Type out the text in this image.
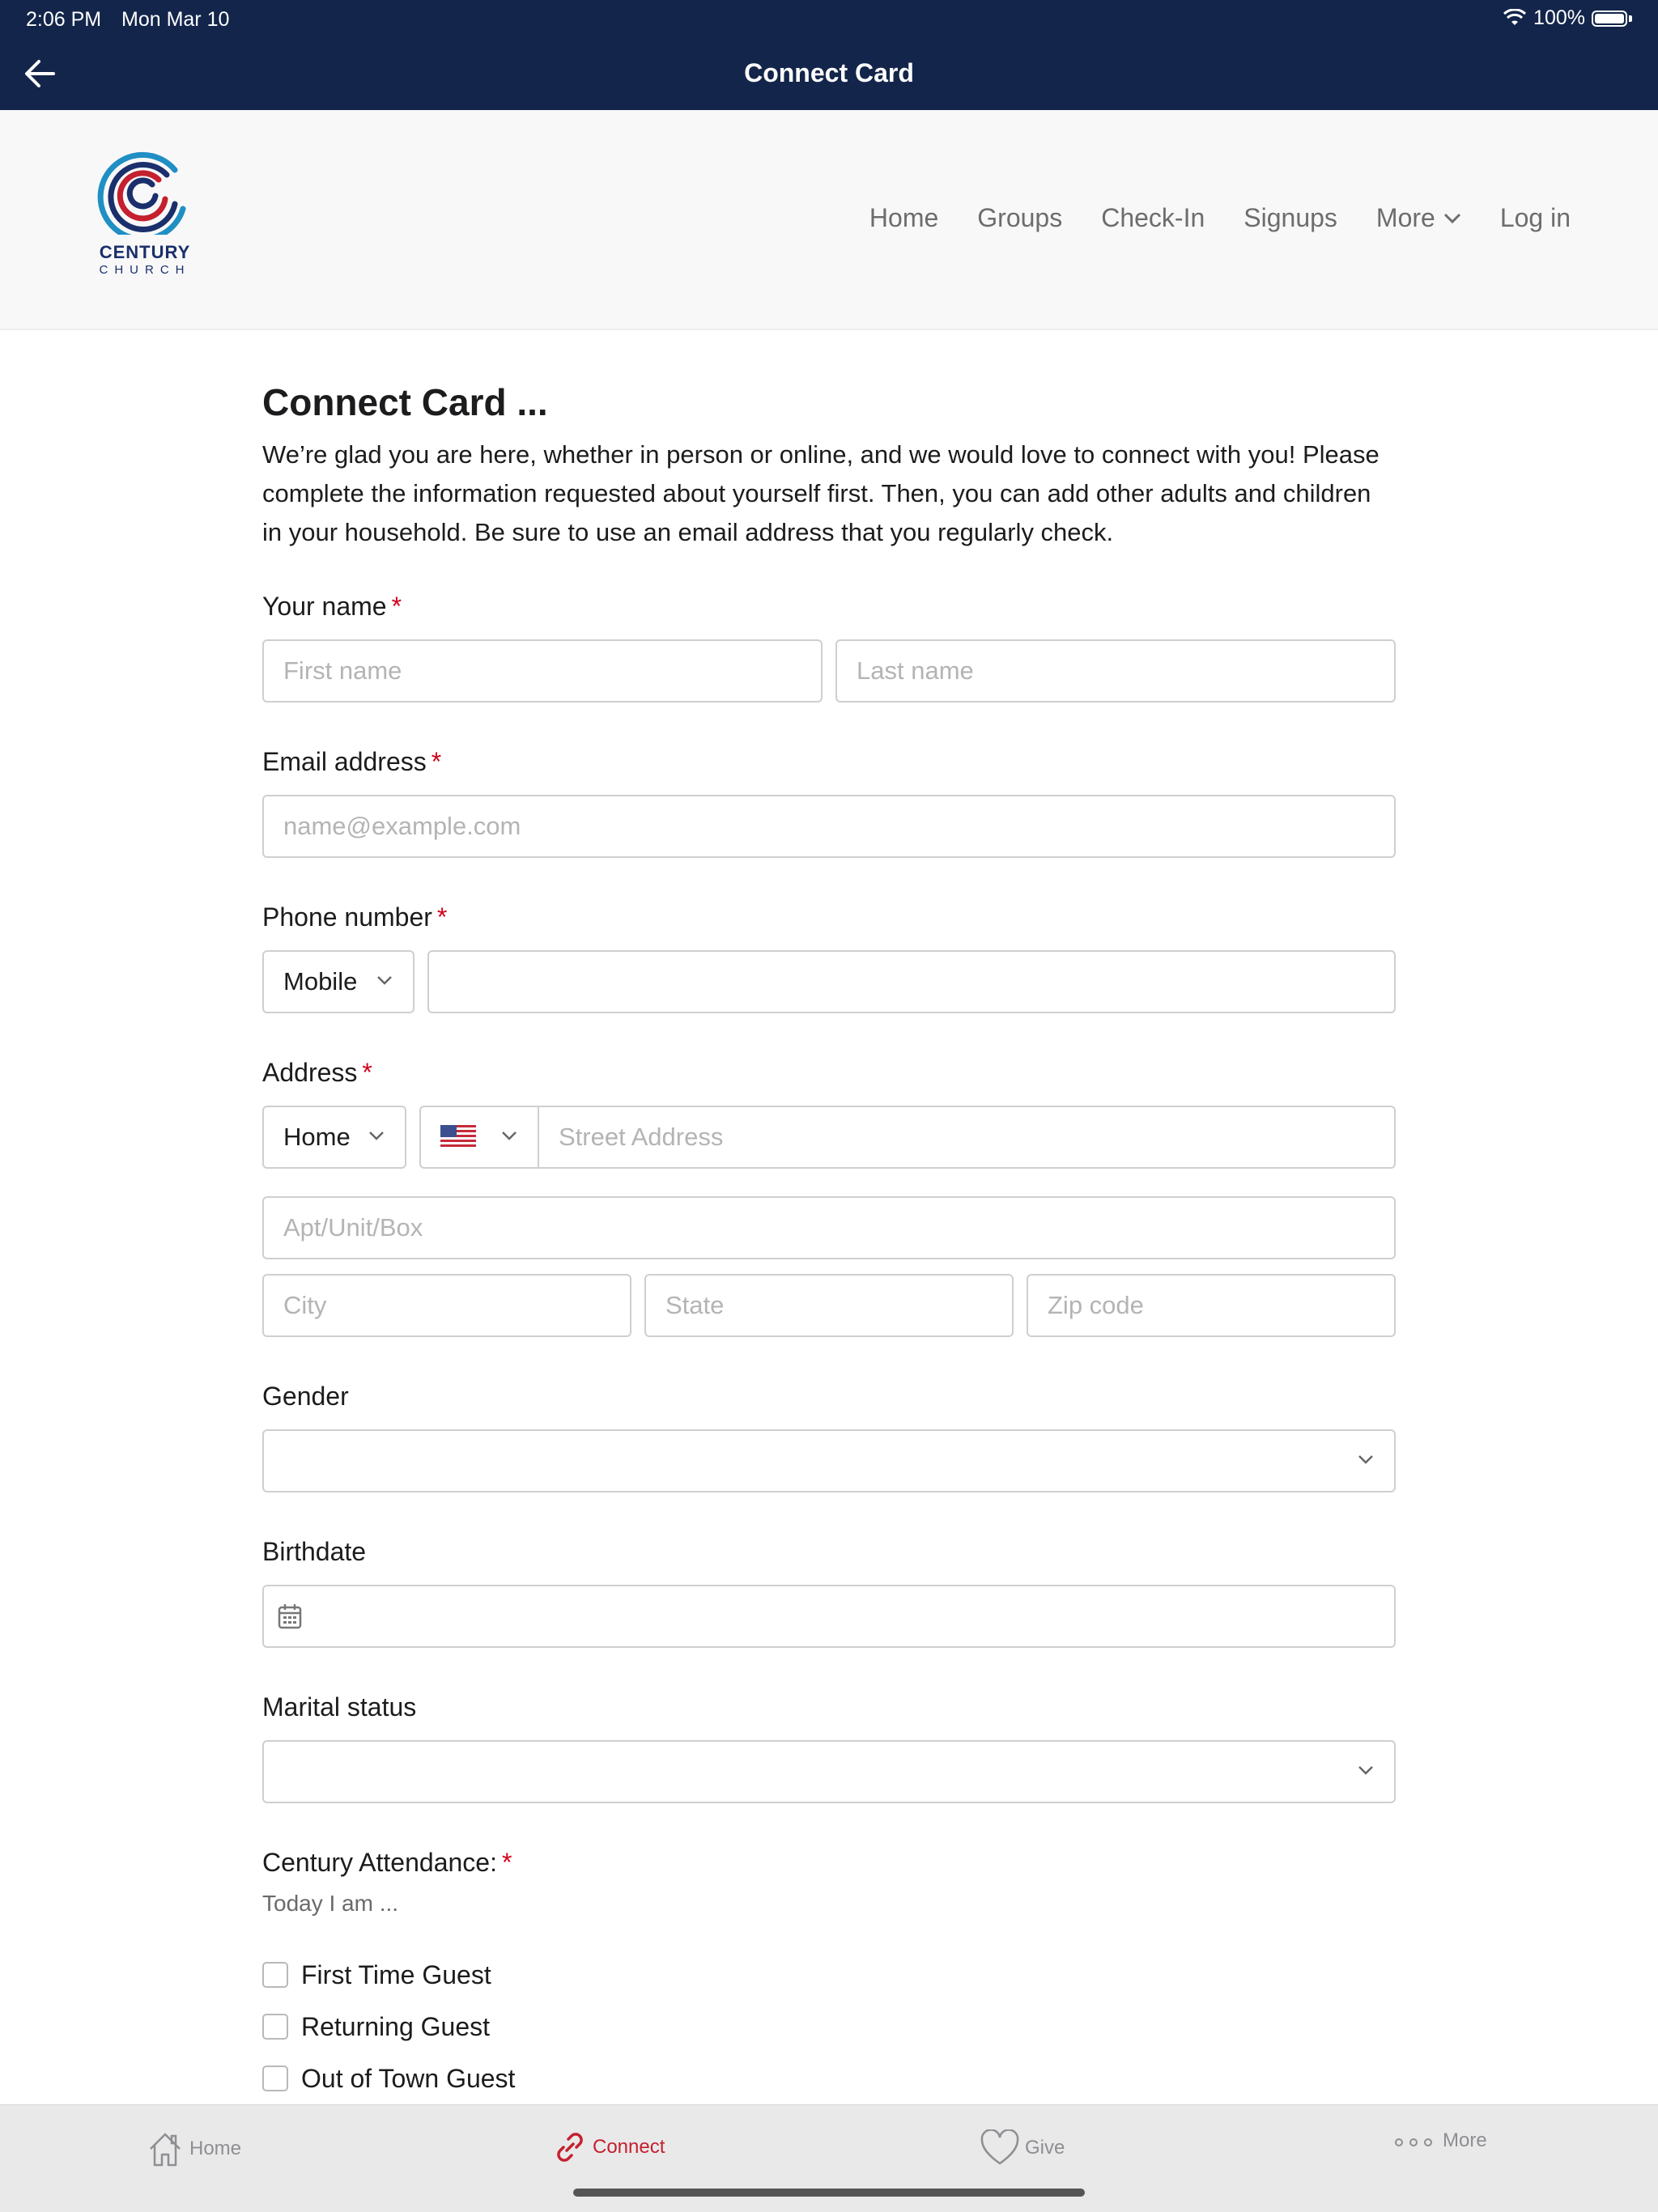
2:06 PM Mon Mar 10	100%
Connect Card
CENTURY
CHURCH
Home Groups Check-In Signups More	Log in
Connect Card ...
We’re glad you are here, whether in person or online, and we would love to connect with you! Please complete the information requested about yourself first. Then, you can add other adults and children in your household. Be sure to use an email address that you regularly check.
Your name *
First name	Last name
Email address *
name@example.com
Phone number *
Mobile
Address *
Home	Street Address
Apt/Unit/Box
City	State	Zip code
Gender
Birthdate
Marital status
Century Attendance: *
Today I am ...
First Time Guest
Returning Guest
Out of Town Guest
Home	Connect	Give	More
